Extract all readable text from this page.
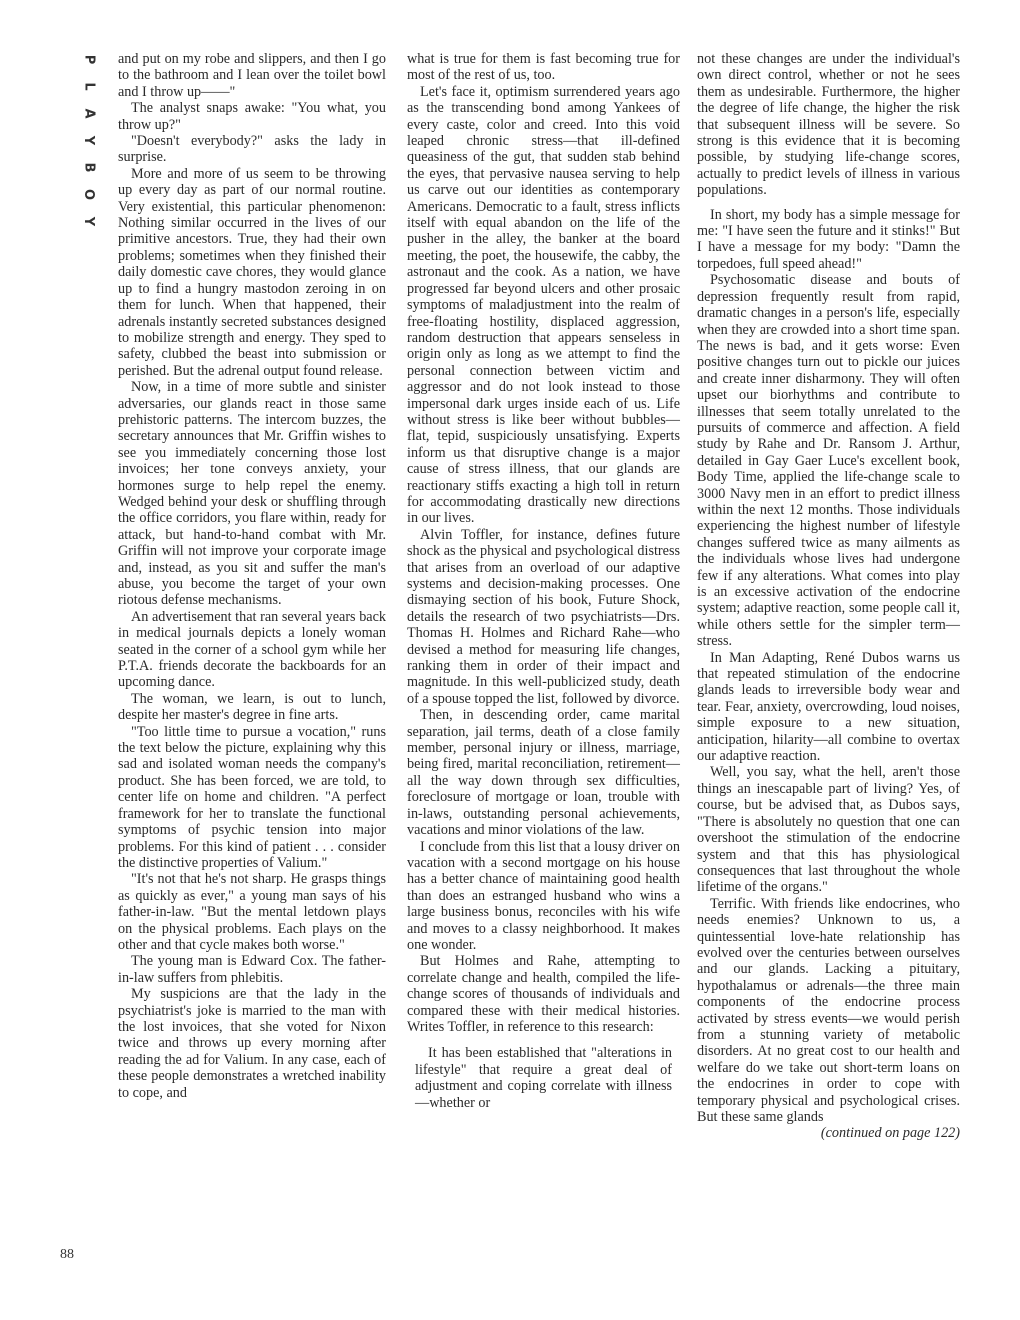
P
L
A
Y
B
O
Y
88

and put on my robe and slippers, and then I go to the bathroom and I lean over the toilet bowl and I throw up——"

The analyst snaps awake: "You what, you throw up?"

"Doesn't everybody?" asks the lady in surprise.

More and more of us seem to be throwing up every day as part of our normal routine. Very existential, this particular phenomenon: Nothing similar occurred in the lives of our primitive ancestors. True, they had their own problems; sometimes when they finished their daily domestic cave chores, they would glance up to find a hungry mastodon zeroing in on them for lunch. When that happened, their adrenals instantly secreted substances designed to mobilize strength and energy. They sped to safety, clubbed the beast into submission or perished. But the adrenal output found release.

Now, in a time of more subtle and sinister adversaries, our glands react in those same prehistoric patterns. The intercom buzzes, the secretary announces that Mr. Griffin wishes to see you immediately concerning those lost invoices; her tone conveys anxiety, your hormones surge to help repel the enemy. Wedged behind your desk or shuffling through the office corridors, you flare within, ready for attack, but hand-to-hand combat with Mr. Griffin will not improve your corporate image and, instead, as you sit and suffer the man's abuse, you become the target of your own riotous defense mechanisms.

An advertisement that ran several years back in medical journals depicts a lonely woman seated in the corner of a school gym while her P.T.A. friends decorate the backboards for an upcoming dance.

The woman, we learn, is out to lunch, despite her master's degree in fine arts.

"Too little time to pursue a vocation," runs the text below the picture, explaining why this sad and isolated woman needs the company's product. She has been forced, we are told, to center life on home and children. "A perfect framework for her to translate the functional symptoms of psychic tension into major problems. For this kind of patient . . . consider the distinctive properties of Valium."

"It's not that he's not sharp. He grasps things as quickly as ever," a young man says of his father-in-law. "But the mental letdown plays on the physical problems. Each plays on the other and that cycle makes both worse."

The young man is Edward Cox. The father-in-law suffers from phlebitis.

My suspicions are that the lady in the psychiatrist's joke is married to the man with the lost invoices, that she voted for Nixon twice and throws up every morning after reading the ad for Valium. In any case, each of these people demonstrates a wretched inability to cope, and

what is true for them is fast becoming true for most of the rest of us, too.

Let's face it, optimism surrendered years ago as the transcending bond among Yankees of every caste, color and creed. Into this void leaped chronic stress—that ill-defined queasiness of the gut, that sudden stab behind the eyes, that pervasive nausea serving to help us carve out our identities as contemporary Americans. Democratic to a fault, stress inflicts itself with equal abandon on the life of the pusher in the alley, the banker at the board meeting, the poet, the housewife, the cabby, the astronaut and the cook. As a nation, we have progressed far beyond ulcers and other prosaic symptoms of maladjustment into the realm of free-floating hostility, displaced aggression, random destruction that appears senseless in origin only as long as we attempt to find the personal connection between victim and aggressor and do not look instead to those impersonal dark urges inside each of us. Life without stress is like beer without bubbles—flat, tepid, suspiciously unsatisfying. Experts inform us that disruptive change is a major cause of stress illness, that our glands are reactionary stiffs exacting a high toll in return for accommodating drastically new directions in our lives.

Alvin Toffler, for instance, defines future shock as the physical and psychological distress that arises from an overload of our adaptive systems and decision-making processes. One dismaying section of his book, Future Shock, details the research of two psychiatrists—Drs. Thomas H. Holmes and Richard Rahe—who devised a method for measuring life changes, ranking them in order of their impact and magnitude. In this well-publicized study, death of a spouse topped the list, followed by divorce.

Then, in descending order, came marital separation, jail terms, death of a close family member, personal injury or illness, marriage, being fired, marital reconciliation, retirement—all the way down through sex difficulties, foreclosure of mortgage or loan, trouble with in-laws, outstanding personal achievements, vacations and minor violations of the law.

I conclude from this list that a lousy driver on vacation with a second mortgage on his house has a better chance of maintaining good health than does an estranged husband who wins a large business bonus, reconciles with his wife and moves to a classy neighborhood. It makes one wonder.

But Holmes and Rahe, attempting to correlate change and health, compiled the life-change scores of thousands of individuals and compared these with their medical histories. Writes Toffler, in reference to this research:

It has been established that "alterations in lifestyle" that require a great deal of adjustment and coping correlate with illness—whether or

not these changes are under the individual's own direct control, whether or not he sees them as undesirable. Furthermore, the higher the degree of life change, the higher the risk that subsequent illness will be severe. So strong is this evidence that it is becoming possible, by studying life-change scores, actually to predict levels of illness in various populations.

In short, my body has a simple message for me: "I have seen the future and it stinks!" But I have a message for my body: "Damn the torpedoes, full speed ahead!"

Psychosomatic disease and bouts of depression frequently result from rapid, dramatic changes in a person's life, especially when they are crowded into a short time span. The news is bad, and it gets worse: Even positive changes turn out to pickle our juices and create inner disharmony. They will often upset our biorhythms and contribute to illnesses that seem totally unrelated to the pursuits of commerce and affection. A field study by Rahe and Dr. Ransom J. Arthur, detailed in Gay Gaer Luce's excellent book, Body Time, applied the life-change scale to 3000 Navy men in an effort to predict illness within the next 12 months. Those individuals experiencing the highest number of lifestyle changes suffered twice as many ailments as the individuals whose lives had undergone few if any alterations. What comes into play is an excessive activation of the endocrine system; adaptive reaction, some people call it, while others settle for the simpler term—stress.

In Man Adapting, René Dubos warns us that repeated stimulation of the endocrine glands leads to irreversible body wear and tear. Fear, anxiety, overcrowding, loud noises, simple exposure to a new situation, anticipation, hilarity—all combine to overtax our adaptive reaction.

Well, you say, what the hell, aren't those things an inescapable part of living? Yes, of course, but be advised that, as Dubos says, "There is absolutely no question that one can overshoot the stimulation of the endocrine system and that this has physiological consequences that last throughout the whole lifetime of the organs."

Terrific. With friends like endocrines, who needs enemies? Unknown to us, a quintessential love-hate relationship has evolved over the centuries between ourselves and our glands. Lacking a pituitary, hypothalamus or adrenals—the three main components of the endocrine process activated by stress events—we would perish from a stunning variety of metabolic disorders. At no great cost to our health and welfare do we take out short-term loans on the endocrines in order to cope with temporary physical and psychological crises. But these same glands

(continued on page 122)
